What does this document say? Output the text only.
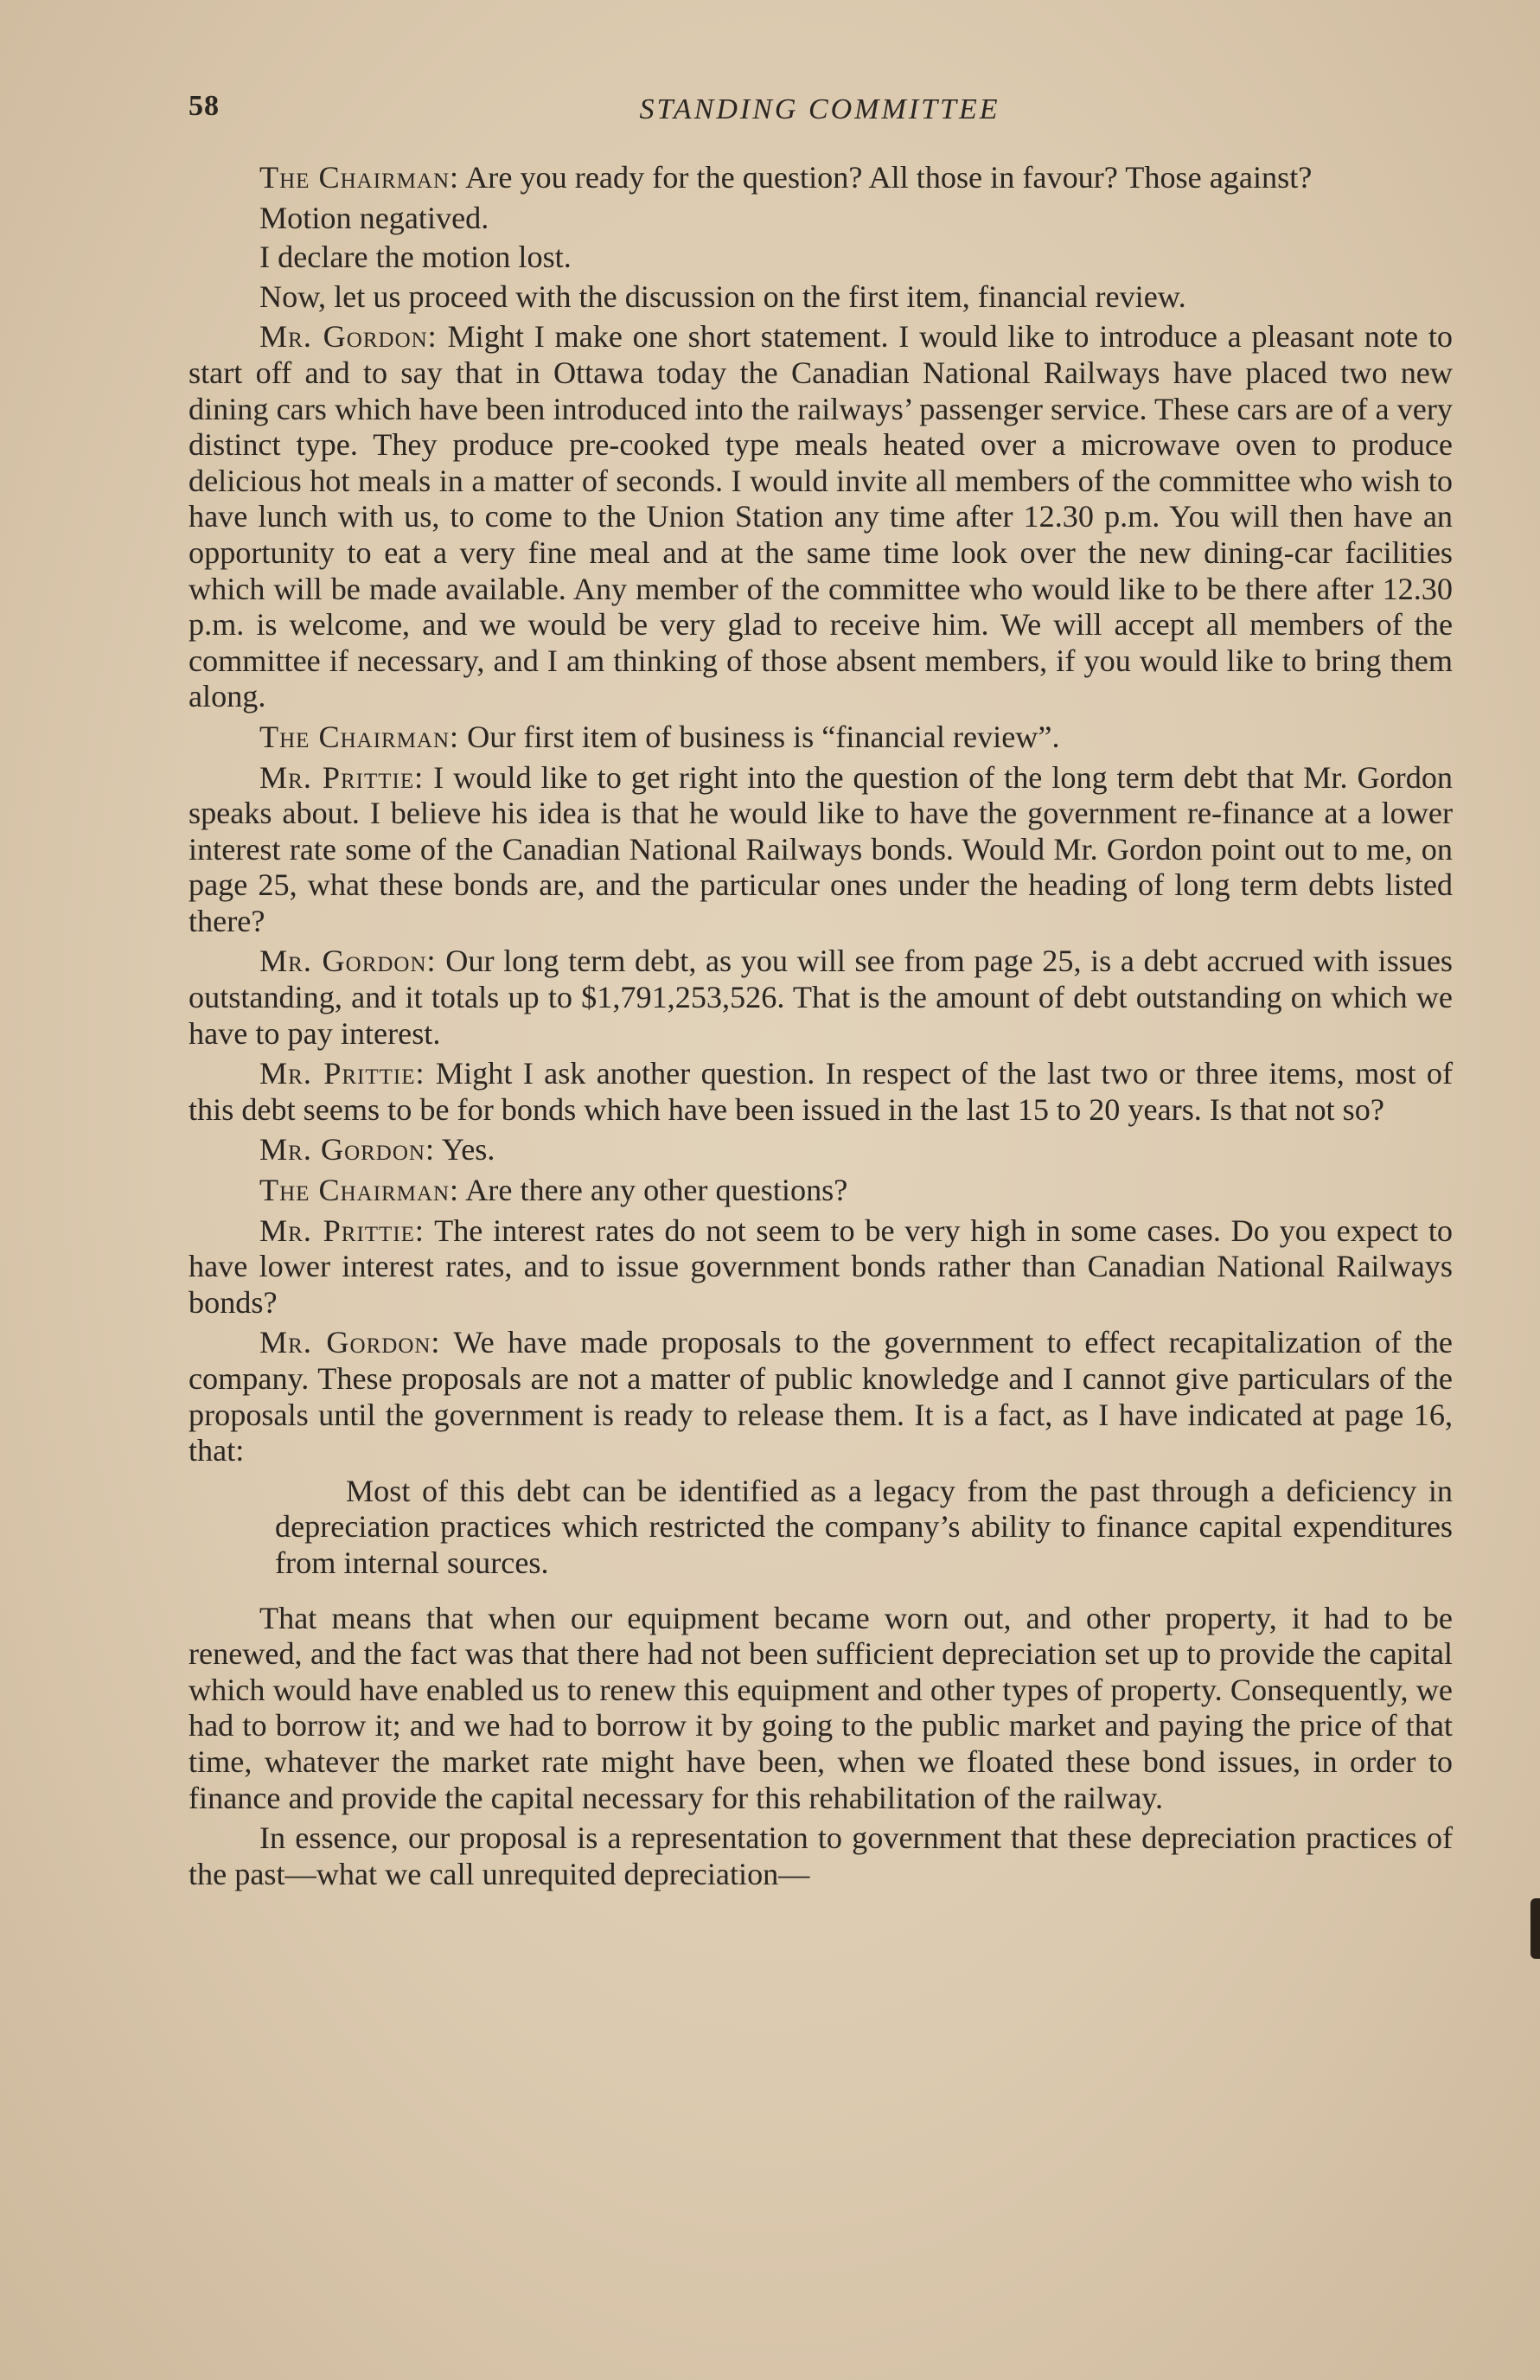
58	STANDING COMMITTEE

The Chairman: Are you ready for the question? All those in favour? Those against?

Motion negatived.

I declare the motion lost.

Now, let us proceed with the discussion on the first item, financial review.

Mr. Gordon: Might I make one short statement. I would like to introduce a pleasant note to start off and to say that in Ottawa today the Canadian National Railways have placed two new dining cars which have been introduced into the railways’ passenger service. These cars are of a very distinct type. They produce pre-cooked type meals heated over a microwave oven to produce delicious hot meals in a matter of seconds. I would invite all members of the committee who wish to have lunch with us, to come to the Union Station any time after 12.30 p.m. You will then have an opportunity to eat a very fine meal and at the same time look over the new dining-car facilities which will be made available. Any member of the committee who would like to be there after 12.30 p.m. is welcome, and we would be very glad to receive him. We will accept all members of the committee if necessary, and I am thinking of those absent members, if you would like to bring them along.

The Chairman: Our first item of business is “financial review”.

Mr. Prittie: I would like to get right into the question of the long term debt that Mr. Gordon speaks about. I believe his idea is that he would like to have the government re-finance at a lower interest rate some of the Canadian National Railways bonds. Would Mr. Gordon point out to me, on page 25, what these bonds are, and the particular ones under the heading of long term debts listed there?

Mr. Gordon: Our long term debt, as you will see from page 25, is a debt accrued with issues outstanding, and it totals up to $1,791,253,526. That is the amount of debt outstanding on which we have to pay interest.

Mr. Prittie: Might I ask another question. In respect of the last two or three items, most of this debt seems to be for bonds which have been issued in the last 15 to 20 years. Is that not so?

Mr. Gordon: Yes.

The Chairman: Are there any other questions?

Mr. Prittie: The interest rates do not seem to be very high in some cases. Do you expect to have lower interest rates, and to issue government bonds rather than Canadian National Railways bonds?

Mr. Gordon: We have made proposals to the government to effect recapitalization of the company. These proposals are not a matter of public knowledge and I cannot give particulars of the proposals until the government is ready to release them. It is a fact, as I have indicated at page 16, that:

Most of this debt can be identified as a legacy from the past through a deficiency in depreciation practices which restricted the company’s ability to finance capital expenditures from internal sources.

That means that when our equipment became worn out, and other property, it had to be renewed, and the fact was that there had not been sufficient depreciation set up to provide the capital which would have enabled us to renew this equipment and other types of property. Consequently, we had to borrow it; and we had to borrow it by going to the public market and paying the price of that time, whatever the market rate might have been, when we floated these bond issues, in order to finance and provide the capital necessary for this rehabilitation of the railway.

In essence, our proposal is a representation to government that these depreciation practices of the past—what we call unrequited depreciation—
